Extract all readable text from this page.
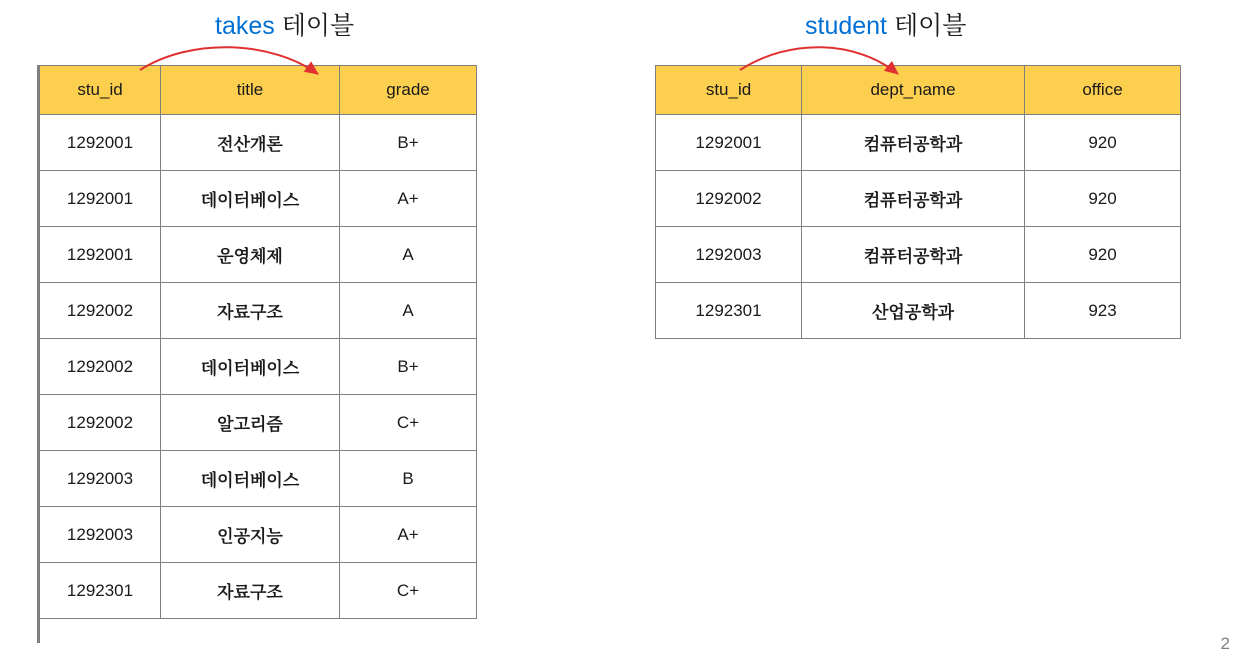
takes 테이블	student 테이블
stu_id	title	grade
1292001	전산개론	B+
1292001	데이터베이스	A+
1292001	운영체제	A
1292002	자료구조	A
1292002	데이터베이스	B+
1292002	알고리즘	C+
1292003	데이터베이스	B
1292003	인공지능	A+
1292301	자료구조	C+
stu_id	dept_name	office
1292001	컴퓨터공학과	920
1292002	컴퓨터공학과	920
1292003	컴퓨터공학과	920
1292301	산업공학과	923
2
